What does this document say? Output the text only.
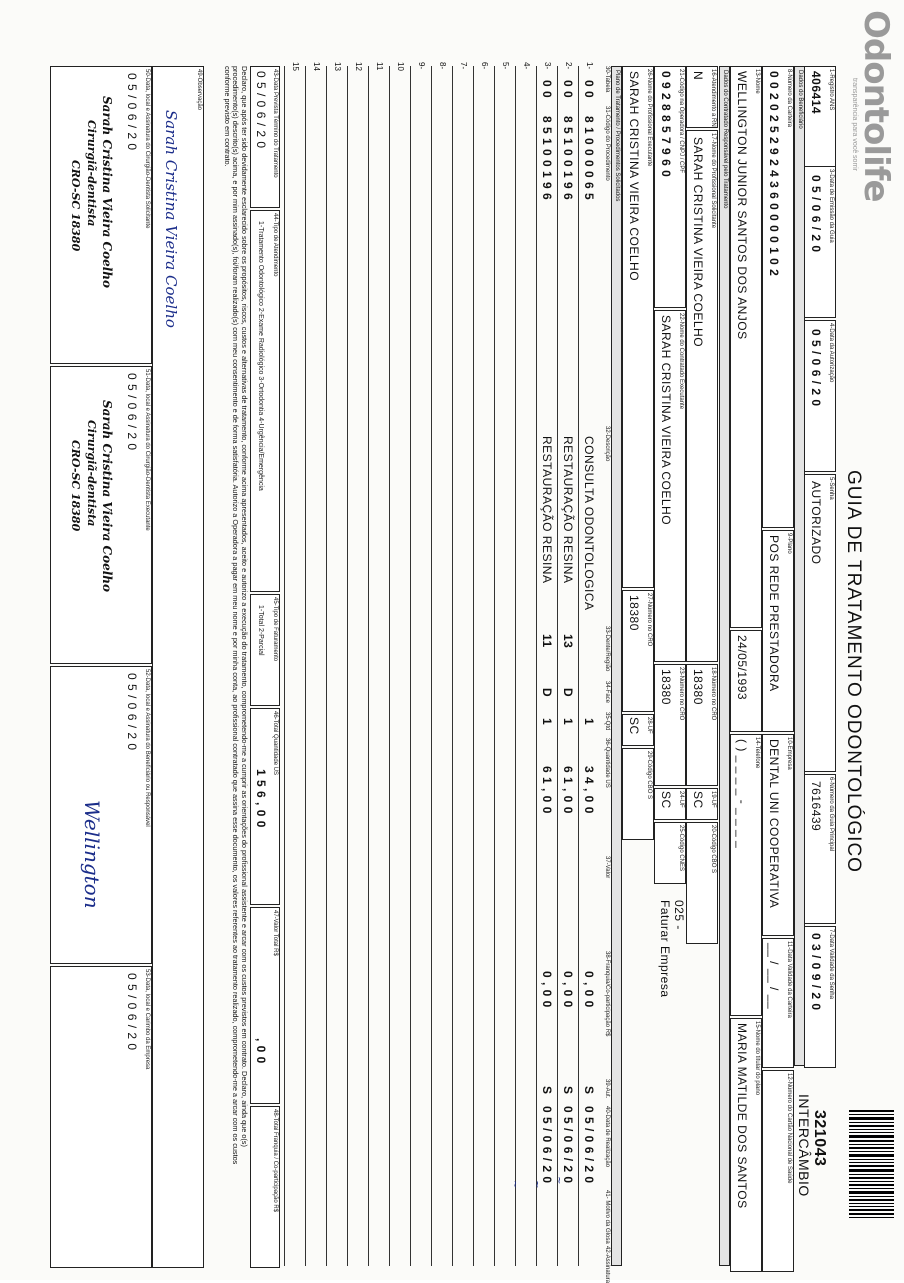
Odontolife
transparência para você sorrir
GUIA DE TRATAMENTO ODONTOLÓGICO
321043
INTERCÂMBIO
1-Registro ANS
406414
3-Data de Emissão da Guia
0 5 / 0 6 / 2 0
4-Data da Autorização
0 5 / 0 6 / 2 0
5-Senha
AUTORIZADO
6-Número da Guia Principal
7616439
7-Data Validade da Senha
0 3 / 0 9 / 2 0
Dados do Beneficiário
8-Número da Carteira
0 0 2 0 2 5 2 9 2 4 3 6 0 0 0 0 1 0 2
9-Plano
POS REDE PRESTADORA
10-Empresa
DENTAL UNI COOPERATIVA
11-Data Validade da Carteira
__ / __ / __
12-Número do Cartão Nacional de Saúde
13-Nome
WELLINGTON JUNIOR SANTOS DOS ANJOS
24/05/1993
14-Telefone
( ) _ _ _ _ - _ _ _ _
15-Nome do titular do plano
MARIA MATILDE DOS SANTOS
Dados do Contratado Responsável pelo Tratamento
16-Atendimento a RN
N
17-Nome do Profissional Solicitante
SARAH CRISTINA VIEIRA COELHO
18-Número no CRO
18380
19-UF
SC
20-Código CBO S
025 -
21-Código na Operadora / CNPJ / CPF
0 9 2 8 8 5 7 9 6 0
22-Nome do Contratado Executante
SARAH CRISTINA VIEIRA COELHO
23-Número no CRO
18380
24-UF
SC
25-Código CNES
Faturar Empresa
26-Nome do Profissional Executante
SARAH CRISTINA VIEIRA COELHO
27-Número no CRO
18380
28-UF
SC
29-Código CBO S
Plano de Tratamento / Procedimentos Solicitados
30-Tabela
31-Código do Procedimento
32-Descrição
33-Dente/Região
34-Face
35-Qtd
36-Quantidade US
37-Valor
38-Franquia/Co-participação R$
39-Aut.
40-Data de Realização
41- Motivo da Glosa
42-Assinatura
1-
0 0
8 1 0 0 0 0 6 5
CONSULTA ODONTOLOGICA
1
3 4 , 0 0
0 , 0 0
S
0 5 / 0 6 / 2 0
2-
0 0
8 5 1 0 0 1 9 6
RESTAURAÇÃO RESINA
13
D
1
6 1 , 0 0
0 , 0 0
S
0 5 / 0 6 / 2 0
3-
0 0
8 5 1 0 0 1 9 6
RESTAURAÇÃO RESINA
11
D
1
6 1 , 0 0
0 , 0 0
S
0 5 / 0 6 / 2 0
4-
5-
6-
7-
8-
9-
10
11
12
13
14
15
43-Data Prevista Término do Tratamento
0 5 / 0 6 / 2 0
44-Tipo de Atendimento
1-Tratamento Odontológico 2-Exame Radiológico 3-Ortodontia 4-Urgência/Emergência
45-Tipo de Faturamento
1-Total 2-Parcial
46-Total Quantidade US
1 5 6 , 0 0
47-Valor Total R$
, 0 0
48-Total Franquia / Co-participação R$
Declaro, que após ter sido devidamente esclarecido sobre os propósitos, riscos, custos e alternativas de tratamento, conforme acima apresentados, aceito e autorizo a execução do tratamento, comprometendo-me a cumprir as orientações do profissional assistente e arcar com os custos previstos em contrato. Declaro, ainda que o(s) procedimento(s) descrito(s) acima, e por mim assinado(s), foi/foram realizado(s) com meu consentimento e de forma satisfatória. Autorizo a Operadora a pagar em meu nome e por minha conta, ao profissional contratado que assina esse documento, os valores referentes ao tratamento realizado, comprometendo-me a arcar com os custos conforme previsto em contrato.
49-Observação
50-Data, local e Assinatura do Cirurgião-Dentista Solicitante
0 5 / 0 6 / 2 0
51-Data, local e Assinatura do Cirurgião-Dentista Executante
0 5 / 0 6 / 2 0
52-Data, local e Assinatura do Beneficiário ou Responsável
0 5 / 0 6 / 2 0
53-Data, local e Carimbo da Empresa
0 5 / 0 6 / 2 0
Sarah Cristina Vieira Coelho
Sarah Cristina Vieira Coelho
Cirurgiã-dentista
CRO-SC 18380
Sarah Cristina Vieira Coelho
Cirurgiã-dentista
CRO-SC 18380
Wellington
~
~
~
